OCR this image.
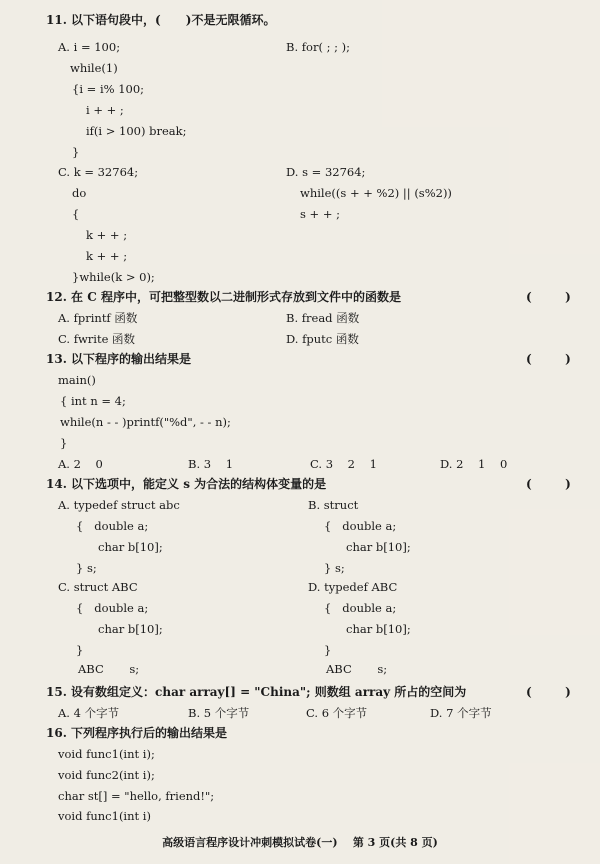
11. 以下语句段中，(      )不是无限循环。
A. i = 100;	B. for( ; ; );
while(1)
{i = i% 100;
i + + ;
if(i > 100) break;
}
C. k = 32764;	D. s = 32764;
do	while((s + + %2) || (s%2))
{	s + + ;
k + + ;
k + + ;
}while(k > 0);
12. 在 C 程序中，可把整型数以二进制形式存放到文件中的函数是	(        )
A. fprintf 函数	B. fread 函数
C. fwrite 函数	D. fputc 函数
13. 以下程序的输出结果是	(        )
main()
{ int n = 4;
while(n - - )printf("%d", - - n);
}
A. 2    0	B. 3    1	C. 3    2    1	D. 2    1    0
14. 以下选项中，能定义 s 为合法的结构体变量的是	(        )
A. typedef struct abc	B. struct
{   double a;	{   double a;
char b[10];	char b[10];
} s;	} s;
C. struct ABC	D. typedef ABC
{   double a;	{   double a;
char b[10];	char b[10];
}	}
ABC       s;	ABC       s;
15. 设有数组定义：char array[] = "China"; 则数组 array 所占的空间为	(        )
A. 4 个字节	B. 5 个字节	C. 6 个字节	D. 7 个字节
16. 下列程序执行后的输出结果是
void func1(int i);
void func2(int i);
char st[] = "hello, friend!";
void func1(int i)
高级语言程序设计冲刺模拟试卷(一)    第 3 页(共 8 页)
